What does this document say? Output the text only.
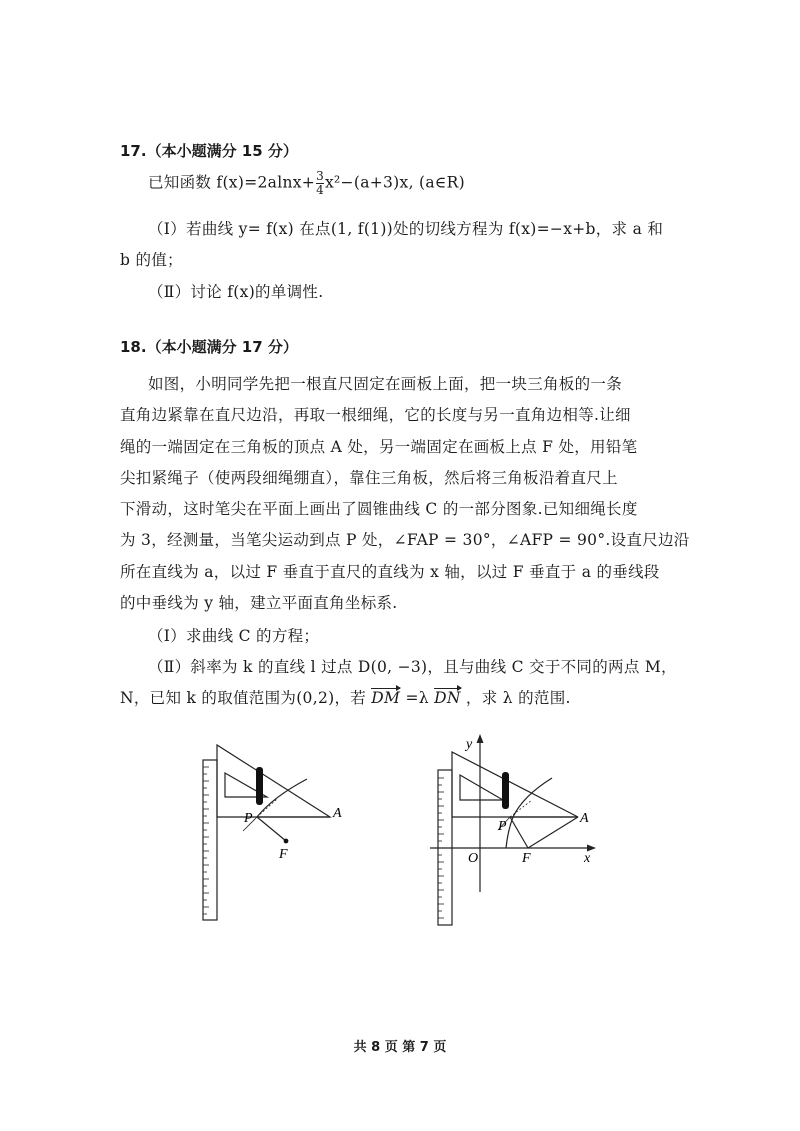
17.（本小题满分 15 分）
已知函数 $f(x)=2alnx+ \frac{3}{4} x^2-(a+3)x$, (a∈R)
（Ⅰ）若曲线 y= f(x) 在点(1, f(1))处的切线方程为 f(x)=−x+b，求 a 和
b 的值；
（Ⅱ）讨论 f(x)的单调性.
18.（本小题满分 17 分）
如图，小明同学先把一根直尺固定在画板上面，把一块三角板的一条
直角边紧靠在直尺边沿，再取一根细绳，它的长度与另一直角边相等.让细
绳的一端固定在三角板的顶点 A 处，另一端固定在画板上点 F 处，用铅笔
尖扣紧绳子（使两段细绳绷直），靠住三角板，然后将三角板沿着直尺上
下滑动，这时笔尖在平面上画出了圆锥曲线 C 的一部分图象.已知细绳长度
为 3，经测量，当笔尖运动到点 P 处，∠FAP = 30°，∠AFP = 90°.设直尺边沿
所在直线为 a，以过 F 垂直于直尺的直线为 x 轴，以过 F 垂直于 a 的垂线段
的中垂线为 y 轴，建立平面直角坐标系.
（Ⅰ）求曲线 C 的方程；
（Ⅱ）斜率为 k 的直线 l 过点 D(0, −3)，且与曲线 C 交于不同的两点 M，
N，已知 k 的取值范围为(0,2)，若 DM =λ DN ，求 λ 的范围.
A
P
F
A
P
F
O	x
y
共 8 页 第 7 页
